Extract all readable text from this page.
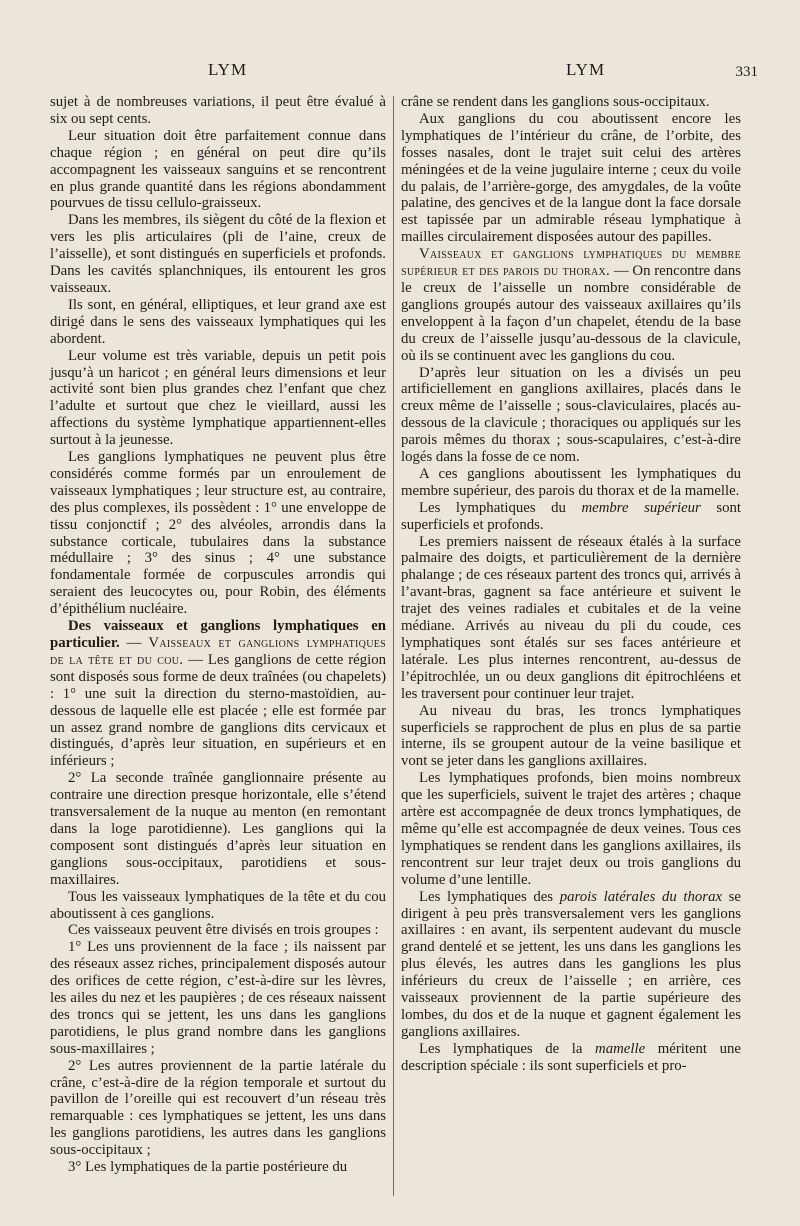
LYM	LYM	331

sujet à de nombreuses variations, il peut être évalué à six ou sept cents.

Leur situation doit être parfaitement connue dans chaque région ; en général on peut dire qu’ils accompagnent les vaisseaux sanguins et se rencontrent en plus grande quantité dans les régions abondamment pourvues de tissu cellulo-graisseux.

Dans les membres, ils siègent du côté de la flexion et vers les plis articulaires (pli de l’aine, creux de l’aisselle), et sont distingués en superficiels et profonds. Dans les cavités splanchniques, ils entourent les gros vaisseaux.

Ils sont, en général, elliptiques, et leur grand axe est dirigé dans le sens des vaisseaux lymphatiques qui les abordent.

Leur volume est très variable, depuis un petit pois jusqu’à un haricot ; en général leurs dimensions et leur activité sont bien plus grandes chez l’enfant que chez l’adulte et surtout que chez le vieillard, aussi les affections du système lymphatique appartiennent-elles surtout à la jeunesse.

Les ganglions lymphatiques ne peuvent plus être considérés comme formés par un enroulement de vaisseaux lymphatiques ; leur structure est, au contraire, des plus complexes, ils possèdent : 1° une enveloppe de tissu conjonctif ; 2° des alvéoles, arrondis dans la substance corticale, tubulaires dans la substance médullaire ; 3° des sinus ; 4° une substance fondamentale formée de corpuscules arrondis qui seraient des leucocytes ou, pour Robin, des éléments d’épithélium nucléaire.

Des vaisseaux et ganglions lymphatiques en particulier. — Vaisseaux et ganglions lymphatiques de la tête et du cou. — Les ganglions de cette région sont disposés sous forme de deux traînées (ou chapelets) : 1° une suit la direction du sterno-mastoïdien, au-dessous de laquelle elle est placée ; elle est formée par un assez grand nombre de ganglions dits cervicaux et distingués, d’après leur situation, en supérieurs et en inférieurs ;

2° La seconde traînée ganglionnaire présente au contraire une direction presque horizontale, elle s’étend transversalement de la nuque au menton (en remontant dans la loge parotidienne). Les ganglions qui la composent sont distingués d’après leur situation en ganglions sous-occipitaux, parotidiens et sous-maxillaires.

Tous les vaisseaux lymphatiques de la tête et du cou aboutissent à ces ganglions.

Ces vaisseaux peuvent être divisés en trois groupes :

1° Les uns proviennent de la face ; ils naissent par des réseaux assez riches, principalement disposés autour des orifices de cette région, c’est-à-dire sur les lèvres, les ailes du nez et les paupières ; de ces réseaux naissent des troncs qui se jettent, les uns dans les ganglions parotidiens, le plus grand nombre dans les ganglions sous-maxillaires ;

2° Les autres proviennent de la partie latérale du crâne, c’est-à-dire de la région temporale et surtout du pavillon de l’oreille qui est recouvert d’un réseau très remarquable : ces lymphatiques se jettent, les uns dans les ganglions parotidiens, les autres dans les ganglions sous-occipitaux ;

3° Les lymphatiques de la partie postérieure du

crâne se rendent dans les ganglions sous-occipitaux.

Aux ganglions du cou aboutissent encore les lymphatiques de l’intérieur du crâne, de l’orbite, des fosses nasales, dont le trajet suit celui des artères méningées et de la veine jugulaire interne ; ceux du voile du palais, de l’arrière-gorge, des amygdales, de la voûte palatine, des gencives et de la langue dont la face dorsale est tapissée par un admirable réseau lymphatique à mailles circulairement disposées autour des papilles.

Vaisseaux et ganglions lymphatiques du membre supérieur et des parois du thorax. — On rencontre dans le creux de l’aisselle un nombre considérable de ganglions groupés autour des vaisseaux axillaires qu’ils enveloppent à la façon d’un chapelet, étendu de la base du creux de l’aisselle jusqu’au-dessous de la clavicule, où ils se continuent avec les ganglions du cou.

D’après leur situation on les a divisés un peu artificiellement en ganglions axillaires, placés dans le creux même de l’aisselle ; sous-claviculaires, placés au-dessous de la clavicule ; thoraciques ou appliqués sur les parois mêmes du thorax ; sous-scapulaires, c’est-à-dire logés dans la fosse de ce nom.

A ces ganglions aboutissent les lymphatiques du membre supérieur, des parois du thorax et de la mamelle.

Les lymphatiques du membre supérieur sont superficiels et profonds.

Les premiers naissent de réseaux étalés à la surface palmaire des doigts, et particulièrement de la dernière phalange ; de ces réseaux partent des troncs qui, arrivés à l’avant-bras, gagnent sa face antérieure et suivent le trajet des veines radiales et cubitales et de la veine médiane. Arrivés au niveau du pli du coude, ces lymphatiques sont étalés sur ses faces antérieure et latérale. Les plus internes rencontrent, au-dessus de l’épitrochlée, un ou deux ganglions dit épitrochléens et les traversent pour continuer leur trajet.

Au niveau du bras, les troncs lymphatiques superficiels se rapprochent de plus en plus de sa partie interne, ils se groupent autour de la veine basilique et vont se jeter dans les ganglions axillaires.

Les lymphatiques profonds, bien moins nombreux que les superficiels, suivent le trajet des artères ; chaque artère est accompagnée de deux troncs lymphatiques, de même qu’elle est accompagnée de deux veines. Tous ces lymphatiques se rendent dans les ganglions axillaires, ils rencontrent sur leur trajet deux ou trois ganglions du volume d’une lentille.

Les lymphatiques des parois latérales du thorax se dirigent à peu près transversalement vers les ganglions axillaires : en avant, ils serpentent audevant du muscle grand dentelé et se jettent, les uns dans les ganglions les plus élevés, les autres dans les ganglions les plus inférieurs du creux de l’aisselle ; en arrière, ces vaisseaux proviennent de la partie supérieure des lombes, du dos et de la nuque et gagnent également les ganglions axillaires.

Les lymphatiques de la mamelle méritent une description spéciale : ils sont superficiels et pro-
